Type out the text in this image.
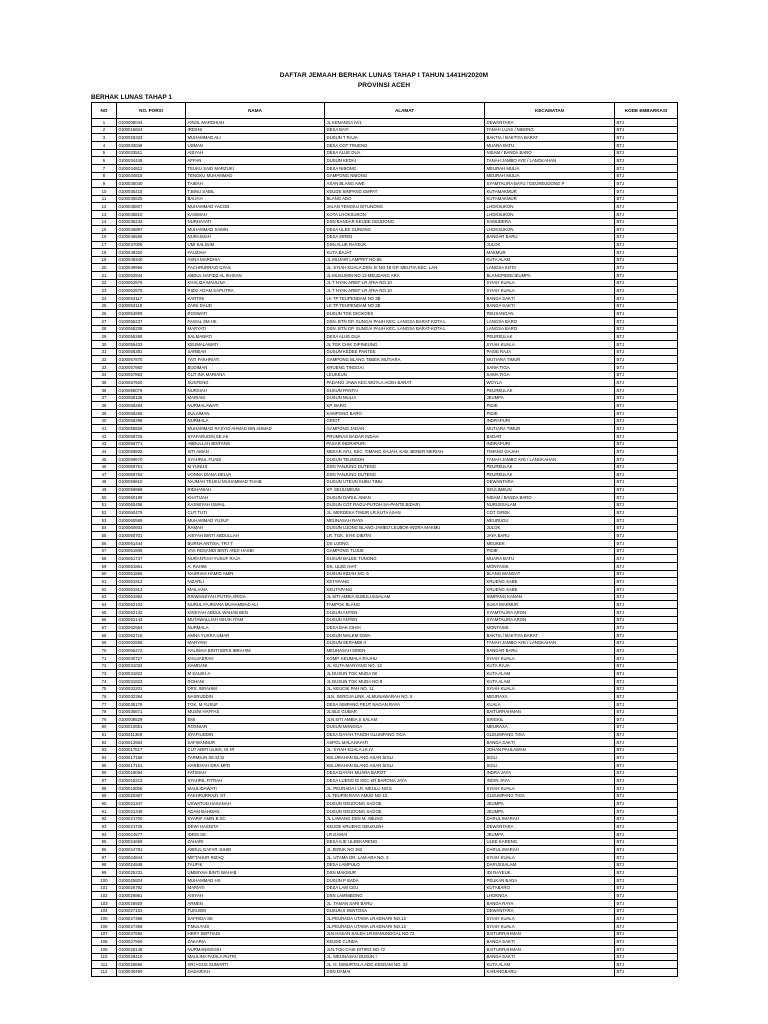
DAFTAR JEMAAH BERHAK LUNAS TAHAP I TAHUN 1441H/2020M
PROVINSI ACEH
BERHAK LUNAS TAHAP 1
NO	NO. PORSI	NAMA	ALAMAT	KECAMATAN	KODE EMBARKASI
1	0100008044	AINOL MARDHIAH	JL KENANGA IV/1	DEWANTARA	BTJ
2	0100015624	IRDSNI	DESA BAYI	TANAH LUAS / NIBONG	BTJ
3	0100026333	MUHAMMAD ALI	DUSUN T RAJA	BAKTIA / BAKTIYA BARAT	BTJ
4	0100033048	USMAN	DESA COT TRUENG	MUARA BATU	BTJ
5	0100033511	AISYAH	DESA ALUE DUA	NISAM / BANDA BARO	BTJ
6	0100034449	AFFAN	DUSUN KEDAI	TANAH JAMBO AYE / LANGKAHAN	BTJ
7	0100034812	TEUKU SAID MARZUKI	DESA NIBONG	MEURAH MULIA	BTJ
8	0100034818	TENGKU MUHAMMAD	GAMPONG NIBONG	MEURAH MULIA	BTJ
9	0100035040	TAIBAH	ASAN BLANG AWE	SYAMTALIRA BAYU / GEUREUDONG P	BTJ
10	0100035415	T.BINU SABIL	KEUDE SIMPANG EMPAT	KUTAMAKMUR	BTJ
11	0100035625	BAIJAH	BLANG ADO	KUTAMAKMUR	BTJ
12	0100035807	MUHAMMAD YACOB	JALAN TENGKU DITUNONG	LHOKSUKON	BTJ
13	0100035810	KASIMAH	KOTA LHOKSUKON	LHOKSUKON	BTJ
14	0100036242	NURHAYATI	DSN BANDAR KEUDE GEUDONG	SAMUDERA	BTJ
15	0100036897	MUHAMMAD SAMIN	DESA ULEE GUNONG	LHOKSUKON	BTJ
16	0100046555	NURAISIAH	DESA SIREN	BANDAR BARU	BTJ
17	0100047005	UMI KALSUM	DSN ALUE RAYEUK	JULOK	BTJ
18	0100049320	FAUZIAH	KUTA BAJAT	MAKMUR	BTJ
19	0100049340	ASNA MARDHIA	JL.MUJAIR LAMPRIT NO.85	KUTA ALAM	BTJ
20	0100049966	FACHRURRAZI ILYAS	JL. SYIAH KUALA DSN. III NO 18 GP. MEUTIA KEC. LAN	LANGSA KOTA	BTJ
21	0100052844	ABDUL HAFIDZ AL IKHSAN	JL MUSLIMIN NO 13 MEUDANG ARA	BLANGPIDIE/JEUMPA	BTJ
22	0100052676	KHALIZA MAULINA	JL T NYAK ARIEF LR ARIA NO.10	SYIAH KUALA	BTJ
23	0100052678	RIZKI AGAM SAPUTRA	JL T NYAK ARIEF LR ARIA NO.10	SYIAH KUALA	BTJ
24	0100053117	KARTINI	LK TP TEUPENDAM NO 3B	BANDA SAKTI	BTJ
25	0100053118	ZAINI DAUD	LK TP TEUPENDAM NO 3B	BANDA SAKTI	BTJ
26	0100054809	ROSWATI	DUSUN TGK DICIKOEK	PEUSANGAN	BTJ
27	0100055237	FAISAL SM HK	DSN. BTN GP. SUNGAI PAUH KEC. LANGSA BARAT-KOTA L	LANGSA BARO	BTJ
28	0100055238	MARYATI	DSN. BTN GP. SUNGAI PAUH KEC. LANGSA BARAT-KOTA L	LANGSA BARO	BTJ
29	0100055268	SALMAWATI	DESA ALUE DUA	PEUREULAK	BTJ
30	0100055433	KEUMALAWATI	JL TGK CHIK DIPINEUNG	SYIAH KUALA	BTJ
31	0100056351	SARBIAH	DUSUN KEDEE PANTEE	PASIE RAJA	BTJ
32	0100057870	YATI FAKHRIATI	GAMPONG BLANG TEBEK MUTIARA	MUTIARA TIMUR	BTJ
33	0100057860	BUDIMAN	KRUENG TINGGAI	SAMA TIGA	BTJ
34	0100057863	CUT INA MARIANA	LEUKEUN	SAMA TIGA	BTJ
35	0100057920	SUNTENG	PADANG JAWA KEC.WOYLA ACEH BARAT	WOYLA	BTJ
36	0100058079	NURSIAH	DUSUN PANTAI	PEUREULAK	BTJ
37	0100058138	MARIAM	DUSUN MULIA	JEUMPA	BTJ
38	0100058284	NURMALAWATI	KP. BARO	PIDIE	BTJ
39	0100058285	SULAIMAN	KAMPONG BARO	PIDIE	BTJ
40	0100058398	NURMALA	GRIOT	INDRAPURI	BTJ
41	0100058826	MUHAMMAD RASYID AHMAD BIN AHMAD	GAMPONG JADAN	MUTIARA TIMUR	BTJ
42	0100058725	SYAFARUDIN,SE.AK	PRUMNAS BADAR INDAH	BADAR	BTJ
43	0100059771	ABDULLAH BINTANG	PASAR INDRAPURI	INDRAPURI	BTJ
44	0100059502	SITI AMAN	MEKAR AYU, KEC. TIMANG GAJAH, KAB. BENER MERIAH	TIMANG GAJAH	BTJ
45	0100059670	SYAHRUL FUADI	DUSUN TEUNGOH	TANAH JAMBO AYE / LANGKAHAN	BTJ
46	0100059761	M YUNUS	DSN TANJUNG DUTENG	PEUREULAK	BTJ
47	0100059764	VONNA DIANA DELVA	DSN TANJUNG DUTENG	PEUREULAK	BTJ
48	0100059810	NAJMAH TEUKU MUHAMMAD THAIB	DUSUN UTEUN KUBU TIMU	DEWANTARA	BTJ
49	0100059969	RIDHANIAH	KP. SEULIMEUM	SEULIMEUN	BTJ
50	0100060199	KHATIJAH	DUSUN DARUL AMAN	NISAM / BANDA BARO	BTJ
51	0100060456	KASWIYAH ISMAIL	DUSUN COT RAGU-PUTOH SA-PANTE BIDARI	NURUSSALAM	BTJ
52	0100060479	CUT TUTI	JL. MERDEKA TIMUR LR.KUTA ASAN	COT GIREK	BTJ
53	0100060589	MUHAMMAD YUSUF	MEUNASAH RAYA	MEURUDU	BTJ
54	0100060603	RAMAH	DUSUN UJONG BLANG-JAMBO LEUBOK-INDRA MAKMU	JULOK	BTJ
55	0100060701	AISYAH BINTI ABDULLAH	LR. TGK. SYIK DIBITAI	JAYA BARU	BTJ
56	0100061444	BURNA ANTISA, TR.I T	DS UJONG	MEUKEK	BTJ
57	0100061508	VIVI RDSANDI BINTI ANDI HASBI	GAMPONG TUJUE	PIDIE	BTJ
58	0100061737	NURANTIAH YUSUF RAJA	DUSUN BALEE TUNONG	MUARA BATU	BTJ
59	0100061861	A. RAHIM	DS. ULEE IHAT	MONTASIK	BTJ
60	0100061866	NASRIAH HAMID AMIN	DUSUN INDAH NO. 6	BLANG MANGAT	BTJ
61	0100061912	NIZARLI	KETAPANG	KRUENG SABE	BTJ
62	0100061913	MAILIANA	KEUTAPANG	KRUENG SABE	BTJ
63	0100061992	RISWANSYAH PUTRA ARIGA	JL.SITI AMBIA SUBULUSSALAM	SIMPANG KANAN	BTJ
64	0100062103	NURUL FAJRIANA MUHAMMAD ALI	TAMPOK BLANG	SUKA MAKMUR	BTJ
65	0100062142	KINSYAH ABDUL WAHAB BEN	DUSUN ANTEN	SYAMTALIRA ARON	BTJ
66	0100062143	MUTAWALLIAH ISHAK ITAM	DUSUN ANTEN	SYAMTALIRA ARON	BTJ
67	0100062564	NURMALA	DESA BAK CIHIH	MONTASIK	BTJ
68	0100062716	AMNA YUSRA UMAR	DUSUN MALEM DIWA	BAKTIA / BAKTIYA BARAT	BTJ
69	0100062856	MARYANI	DUSUN SERAMBI II	TANAH JAMBO AYE / LANGKAHAN	BTJ
70	0100065472	HALIMAH BINTI IDRIS IBRAHIM	MEUNASAH SIREN	BANDAR BARU	BTJ
71	0100030727	KHUJAERAH	KOMP. KEUMALA RAJHU	SYIAH KUALA	BTJ
72	0100031034	HAMDANI	JL. KUTA MANYANG NO. 13	KUTA RAJA	BTJ
73	0100031822	M SALEH A	JL DUSUN TGK MUDA 08	KUTA ALAM	BTJ
74	0100031823	ROHANI	JL DUSUN TGK MUDA NO 8	KUTA ALAM	BTJ
75	0100032201	DRS. IBRAHIM	JL. KEUCIK PAH NO. 11	SYIAH KUALA	BTJ
76	0100032394	NASRUDDIN	JLN. SEROJA LINK. ALMUNAWARAH NO. 5	MEURAXA	BTJ
77	0100035178	TGK. M.YUSUF	DESA SIMPANG PEUT NAGAN RAYA	KUALA	BTJ
78	0100035671	MUSNI HAFFAS	JL BLE GUBAR	BAITURRAHMAN	BTJ
79	0100008529	EMI	JLN.SITI AMBIA S SALAM	SINGKIL	BTJ
80	0100010651	ROSNIAR	DUSUN MANGGA	MEURAXA	BTJ
81	0100011368	SYAFIUDDIN	DESA DAYAH TANOH GLUMPANG TIGA	GLEUMPANG TIGA	BTJ
82	0100012664	SAFWANNUR	ASPOL MALAHAYATI	BANDA SAKTI	BTJ
83	0100017617	CUT ADIFI ULIEK, M. IR	JL. SYIAH KUALA LK.IV	JOHAN PAHLAWAN	BTJ
84	0100017156	TARMILIN SE.M.SI	KELURAHAN BLANG ASAN SIGLI	SIGLI	BTJ
85	0100017161	HARBIYAH DRA.MPD	KELURAHAN BLANG ASAN SIGLI	SIGLI	BTJ
86	0100018094	FATIMAH	DESA DAYAH MUARA BAROT	INDRA JAYA	BTJ
87	0100018213	SYAHRIL FITRAH	DESA LUENG IE KEC.KR.BARONA JAYA	INGIN JAYA	BTJ
88	0100019006	MAULIDAWATI	JL. PEURADA I LR. MEULU NO.5	SYIAH KUALA	BTJ
89	0100020387	FAKHRURRAZI. ST	JL TEUPIN RAYA AMUD NO 13	GLEUMPANG TIGA	BTJ
90	0100021347	USWATUN HASANAH	DUSUN GEUDONG SAGOE	JEUMPA	BTJ
91	0100021349	ADAM BAHMAN	DUSUN GEUDONG SAGOE	JEUMPA	BTJ
92	0100021700	SYARIF AMIN B.SC	JL LAWANG DSN M. ABUNG	DARUL IMARAH	BTJ
93	0100021725	DEWI HASNITA	KEUDE KRUENG GEUKUEH	DEWANTARA	BTJ
94	0100024577	IDRIS SE	LR GAMAI	JEUMPA	BTJ
95	0100024659	ZAHARI	DESA ILIE ULEEKARENG	ULEE KARENG	BTJ
96	0100024781	ABDUL GAFAR JUHID	JL JERUK NO 162	DARUL IMARAH	BTJ
97	0100024844	MIFTAHUR RIZAQ	JL. UTAMA DR. LAM ARA NO. 3	SYIAH KUALA	BTJ
98	0100024948	TAUFIK	DESA LAMPULO	DARUSSALAM	BTJ
99	0100025231	UMMIYAH BINTI WAHAB	DSN MAKMUR	IDI RAYEUK	BTJ
100	0100025824	MUHAMMAD HS	DUSUN P BADA	PEUKAN BADA	BTJ
101	0100026792	MARIATI	DESA LAM CEU	KUTABARO	BTJ
102	0100026861	AISYAH	DSN LAMNIBONG	LHOKNGA	BTJ
103	0100026929	ARMEN	JL. TAMAN SARI BARU	BANDA RAYA	BTJ
104	0100027103	TUKIJEM	DUSUN II SENTOSA	DEWANTARA	BTJ
105	0100027368	SAFRIDA SE	JL.PEURADA UTAMA LR.KENARI NO.13	SYIAH KUALA	BTJ
106	0100027369	T.MULYADI	JL.PEURADA UTAMA LR.KENARI NO.13	SYIAH KUALA	BTJ
107	0100027692	HERY SEPTIADI	JLN.HASAN SALEH LR.MANUNGGAL NO.72	BAITURRAHMAN	BTJ
108	0100027960	ZAKARIA	KEUDE CUNDA	BANDA SAKTI	BTJ
109	0100028148	NURMANINGSIH	JLN.TGK.CHIK DITIRO NO.72	BAITURRAHMAN	BTJ
110	0100029410	MAULINA FADILA PUTRI	JL. MEUNASAH DUSUN I	BANDA SAKTI	BTJ
111	0100029666	SRI AGUS SUMARTI	JL. H. DIMURTALA ADG.KESDAM NO. 33	KUTA ALAM	BTJ
112	0100030490	DADARIAH	DSN DAMAI	KARANGBARU	BTJ
